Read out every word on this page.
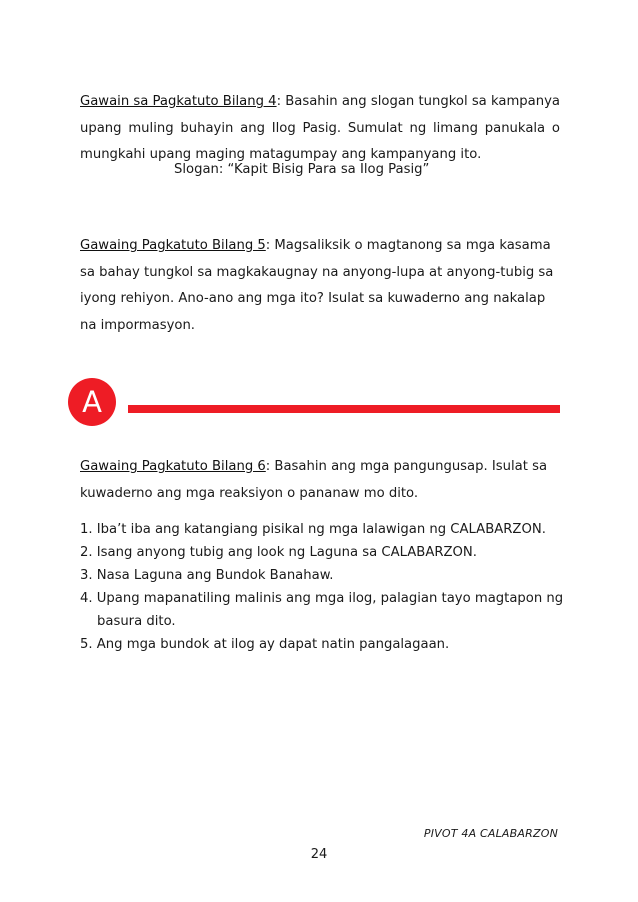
Gawain sa Pagkatuto Bilang 4: Basahin ang slogan tungkol sa kampanya upang muling buhayin ang Ilog Pasig. Sumulat ng limang panukala o mungkahi upang maging matagumpay ang kampanyang ito.
Slogan: “Kapit Bisig Para sa Ilog Pasig”
Gawaing Pagkatuto Bilang 5: Magsaliksik o magtanong sa mga kasama sa bahay tungkol sa magkakaugnay na anyong-lupa at anyong-tubig sa iyong rehiyon. Ano-ano ang mga ito? Isulat sa kuwaderno ang nakalap na impormasyon.
A
Gawaing Pagkatuto Bilang 6: Basahin ang mga pangungusap. Isulat sa kuwaderno ang mga reaksiyon o pananaw mo dito.
1. Iba’t iba ang katangiang pisikal ng mga lalawigan ng CALABARZON.
2. Isang anyong tubig ang look ng Laguna sa CALABARZON.
3. Nasa Laguna ang Bundok Banahaw.
4. Upang mapanatiling malinis ang mga ilog, palagian tayo magtapon ng
basura dito.
5. Ang mga bundok at ilog ay dapat natin pangalagaan.
PIVOT 4A CALABARZON
24
